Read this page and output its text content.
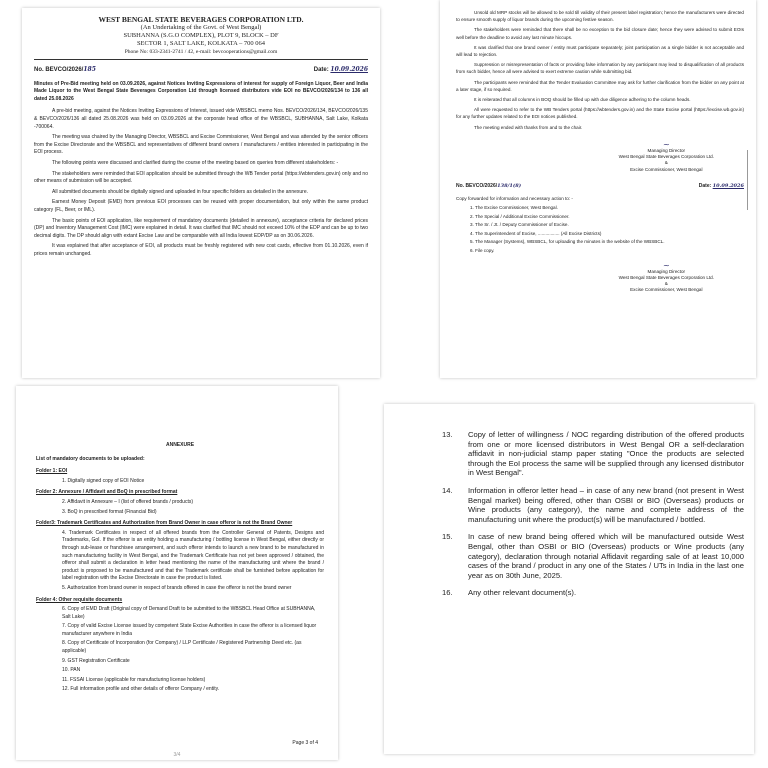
WEST BENGAL STATE BEVERAGES CORPORATION LTD.
(An Undertaking of the Govt. of West Bengal)
SUBHANNA (S.G.O COMPLEX), PLOT 9, BLOCK – DF
SECTOR 1, SALT LAKE, KOLKATA – 700 064
Phone No: 033-2341-2741 / 42, e-mail: bevcooperations@gmail.com
No. BEVCO/2026/185	Date: 10.09.2026
Minutes of Pre-Bid meeting held on 03.09.2026, against Notices Inviting Expressions of interest for supply of Foreign Liquor, Beer and India Made Liquor to the West Bengal State Beverages Corporation Ltd through licensed distributors vide EOI no BEVCO/2026/134 to 136 all dated 25.08.2026

A pre-bid meeting, against the Notices Inviting Expressions of Interest, issued vide WBSBCL memo Nos. BEVCO/2026/134, BEVCO/2026/135 & BEVCO/2026/136 all dated 25.08.2026 was held on 03.09.2026 at the corporate head office of the WBSBCL, SUBHANNA, Salt Lake, Kolkata -700064.

The meeting was chaired by the Managing Director, WBSBCL and Excise Commissioner, West Bengal and was attended by the senior officers from the Excise Directorate and the WBSBCL and representatives of different brand owners / manufacturers / entities interested in participating in the EOI process.

The following points were discussed and clarified during the course of the meeting based on queries from different stakeholders: -

The stakeholders were reminded that EOI application should be submitted through the WB Tender portal (https://wbtenders.gov.in) only and no other means of submission will be accepted.

All submitted documents should be digitally signed and uploaded in four specific folders as detailed in the annexure.

Earnest Money Deposit (EMD) from previous EOI processes can be reused with proper documentation, but only within the same product category (FL, Beer, or IML).

The basic points of EOI application, like requirement of mandatory documents (detailed in annexure), acceptance criteria for declared prices (DP) and Inventory Management Cost (IMC) were explained in detail. It was clarified that IMC should not exceed 10% of the EDP and can be up to two decimal digits. The DP should align with extant Excise Law and be comparable with all India lowest EDP/DP as on 30.06.2026.

It was explained that after acceptance of EOI, all products must be freshly registered with new cost cards, effective from 01.10.2026, even if prices remain unchanged.

Unsold old MRP stocks will be allowed to be sold till validity of their present label registration; hence the manufacturers were directed to ensure smooth supply of liquor brands during the upcoming festive season.

The stakeholders were reminded that there shall be no exception to the bid closure date; hence they were advised to submit EOIs well before the deadline to avoid any last minute hiccups.

It was clarified that one brand owner / entity must participate separately; joint participation as a single bidder is not acceptable and will lead to rejection.

Suppression or misrepresentation of facts or providing false information by any participant may lead to disqualification of all products from such bidder, hence all were advised to exert extreme caution while submitting bid.

The participants were reminded that the Tender Evaluation Committee may ask for further clarification from the bidder on any point at a later stage, if so required.

It is reiterated that all columns in BOQ should be filled up with due diligence adhering to the column heads.

All were requested to refer to the WB Tenders portal (https://wbtenders.gov.in) and the State Excise portal (https://excise.wb.gov.in) for any further updates related to the EOI notices published.

The meeting ended with thanks from and to the chair.

~
Managing Director
West Bengal State Beverages Corporation Ltd.
&
Excise Commissioner, West Bengal
No. BEVCO/2026/138/1(8)	Date: 10.09.2026
Copy forwarded for information and necessary action to: -
1. The Excise Commissioner, West Bengal.
2. The Special / Additional Excise Commissioner.
3. The Sr. / Jt. / Deputy Commissioner of Excise.
4. The Superintendent of Excise, ................. (All Excise Districts)
5. The Manager (Systems), WBSBCL, for uploading the minutes in the website of the WBSBCL.
6. File copy.
~
Managing Director
West Bengal State Beverages Corporation Ltd.
&
Excise Commissioner, West Bengal
ANNEXURE
List of mandatory documents to be uploaded:
Folder 1: EOI
1. Digitally signed copy of EOI Notice
Folder 2: Annexure / Affidavit and BoQ in prescribed format
2. Affidavit in Annexure – I (list of offered brands / products)
3. BoQ in prescribed format (Financial Bid)
Folder3: Trademark Certificates and Authorization from Brand Owner in case offeror is not the Brand Owner
4. Trademark Certificates in respect of all offered brands from the Controller General of Patents, Designs and Trademarks, GoI. If the offeror is an entity holding a manufacturing / bottling license in West Bengal, either directly or through sub-lease or franchisee arrangement, and such offeror intends to launch a new brand to be manufactured in such manufacturing facility in West Bengal, and the Trademark Certificate has not yet been approved / obtained, the offeror shall submit a declaration in letter head mentioning the name of the manufacturing unit where the brand / product is proposed to be manufactured and that the Trademark certificate shall be furnished before application for label registration with the Excise Directorate in case the product is listed.
5. Authorization from brand owner in respect of brands offered in case the offeror is not the brand owner
Folder 4: Other requisite documents
6. Copy of EMD Draft (Original copy of Demand Draft to be submitted to the WBSBCL Head Office at SUBHANNA, Salt Lake)
7. Copy of valid Excise License issued by competent State Excise Authorities in case the offeror is a licensed liquor manufacturer anywhere in India
8. Copy of Certificate of Incorporation (for Company) / LLP Certificate / Registered Partnership Deed etc. (as applicable)
9. GST Registration Certificate
10. PAN
11. FSSAI License (applicable for manufacturing license holders)
12. Full information profile and other details of offeror Company / entity.
Page 3 of 4
3/4
13.	Copy of letter of willingness / NOC regarding distribution of the offered products from one or more licensed distributors in West Bengal OR a self-declaration affidavit in non-judicial stamp paper stating "Once the products are selected through the EoI process the same will be supplied through any licensed distributor in West Bengal".
14.	Information in offeror letter head – in case of any new brand (not present in West Bengal market) being offered, other than OSBI or BIO (Overseas) products or Wine products (any category), the name and complete address of the manufacturing unit where the product(s) will be manufactured / bottled.
15.	In case of new brand being offered which will be manufactured outside West Bengal, other than OSBI or BIO (Overseas) products or Wine products (any category), declaration through notarial Affidavit regarding sale of at least 10,000 cases of the brand / product in any one of the States / UTs in India in the last one year as on 30th June, 2025.
16.	Any other relevant document(s).
